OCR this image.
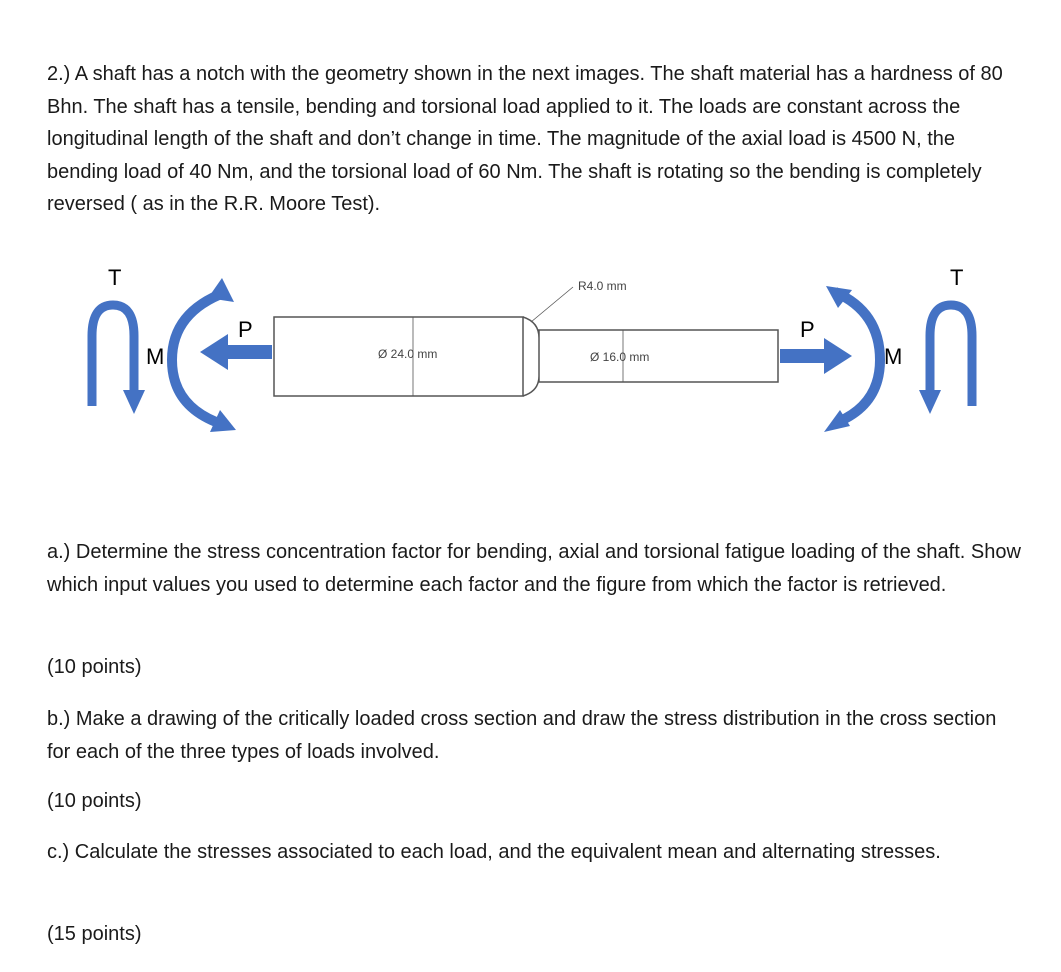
2.) A shaft has a notch with the geometry shown in the next images. The shaft material has a hardness of 80 Bhn. The shaft has a tensile, bending and torsional load applied to it. The loads are constant across the longitudinal length of the shaft and don’t change in time. The magnitude of the axial load is 4500 N, the bending load of 40 Nm, and the torsional load of 60 Nm. The shaft is rotating so the bending is completely reversed ( as in the R.R. Moore Test).

T
M
P
Ø 24.0 mm	Ø 16.0 mm
R4.0 mm
P
M
T

a.) Determine the stress concentration factor for bending, axial and torsional fatigue loading of the shaft. Show which input values you used to determine each factor and the figure from which the factor is retrieved.

(10 points)

b.) Make a drawing of the critically loaded cross section and draw the stress distribution in the cross section for each of the three types of loads involved.

(10 points)

c.) Calculate the stresses associated to each load, and the equivalent mean and alternating stresses.

(15 points)
